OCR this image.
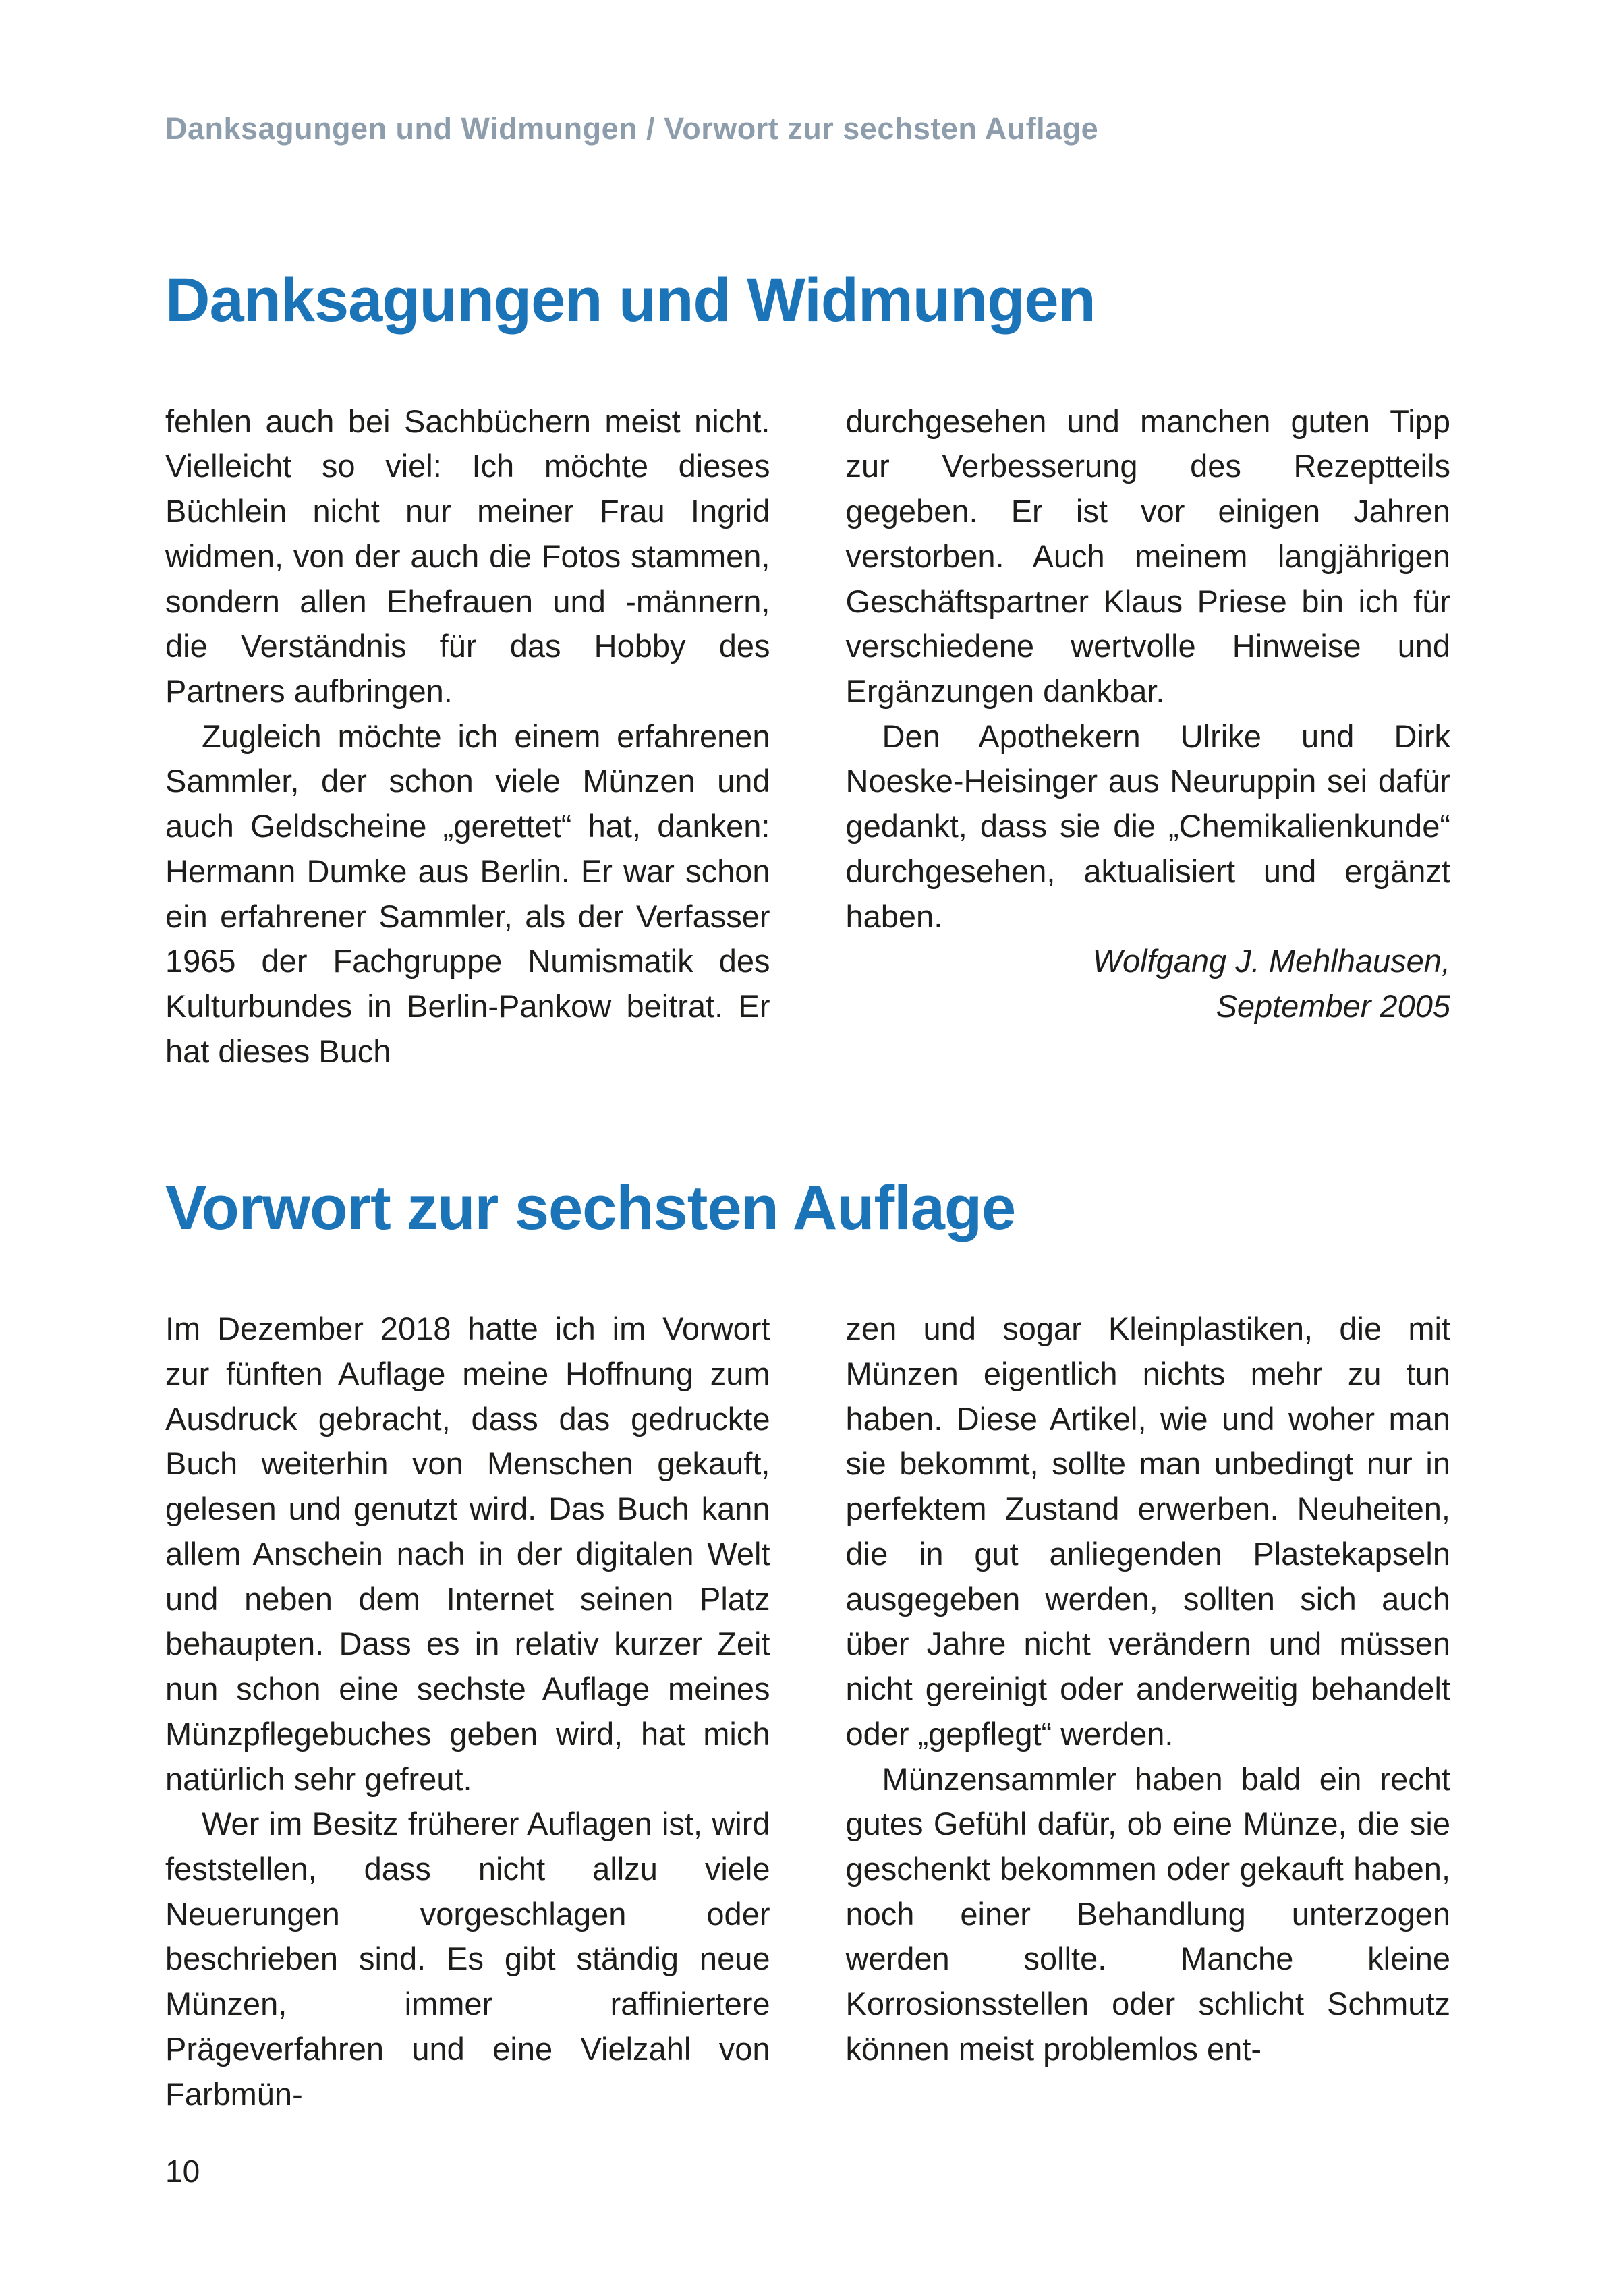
Danksagungen und Widmungen / Vorwort zur sechsten Auflage
Danksagungen und Widmungen

fehlen auch bei Sachbüchern meist nicht. Vielleicht so viel: Ich möchte dieses Büchlein nicht nur meiner Frau Ingrid widmen, von der auch die Fotos stammen, sondern allen Ehefrauen und -männern, die Verständnis für das Hobby des Partners aufbringen.

Zugleich möchte ich einem erfahrenen Sammler, der schon viele Münzen und auch Geldscheine „gerettet“ hat, danken: Hermann Dumke aus Berlin. Er war schon ein erfahrener Sammler, als der Verfasser 1965 der Fachgruppe Numismatik des Kulturbundes in Berlin-Pankow beitrat. Er hat dieses Buch

durchgesehen und manchen guten Tipp zur Verbesserung des Rezeptteils gegeben. Er ist vor einigen Jahren verstorben. Auch meinem langjährigen Geschäftspartner Klaus Priese bin ich für verschiedene wertvolle Hinweise und Ergänzungen dankbar.

Den Apothekern Ulrike und Dirk Noeske-Heisinger aus Neuruppin sei dafür gedankt, dass sie die „Chemikalienkunde“ durchgesehen, aktualisiert und ergänzt haben.

Wolfgang J. Mehlhausen,

September 2005

Vorwort zur sechsten Auflage

Im Dezember 2018 hatte ich im Vorwort zur fünften Auflage meine Hoffnung zum Ausdruck gebracht, dass das gedruckte Buch weiterhin von Menschen gekauft, gelesen und genutzt wird. Das Buch kann allem Anschein nach in der digitalen Welt und neben dem Internet seinen Platz behaupten. Dass es in relativ kurzer Zeit nun schon eine sechste Auflage meines Münzpflegebuches geben wird, hat mich natürlich sehr gefreut.

Wer im Besitz früherer Auflagen ist, wird feststellen, dass nicht allzu viele Neuerungen vorgeschlagen oder beschrieben sind. Es gibt ständig neue Münzen, immer raffiniertere Prägeverfahren und eine Vielzahl von Farbmün-

zen und sogar Kleinplastiken, die mit Münzen eigentlich nichts mehr zu tun haben. Diese Artikel, wie und woher man sie bekommt, sollte man unbedingt nur in perfektem Zustand erwerben. Neuheiten, die in gut anliegenden Plastekapseln ausgegeben werden, sollten sich auch über Jahre nicht verändern und müssen nicht gereinigt oder anderweitig behandelt oder „gepflegt“ werden.

Münzensammler haben bald ein recht gutes Gefühl dafür, ob eine Münze, die sie geschenkt bekommen oder gekauft haben, noch einer Behandlung unterzogen werden sollte. Manche kleine Korrosionsstellen oder schlicht Schmutz können meist problemlos ent-

10
